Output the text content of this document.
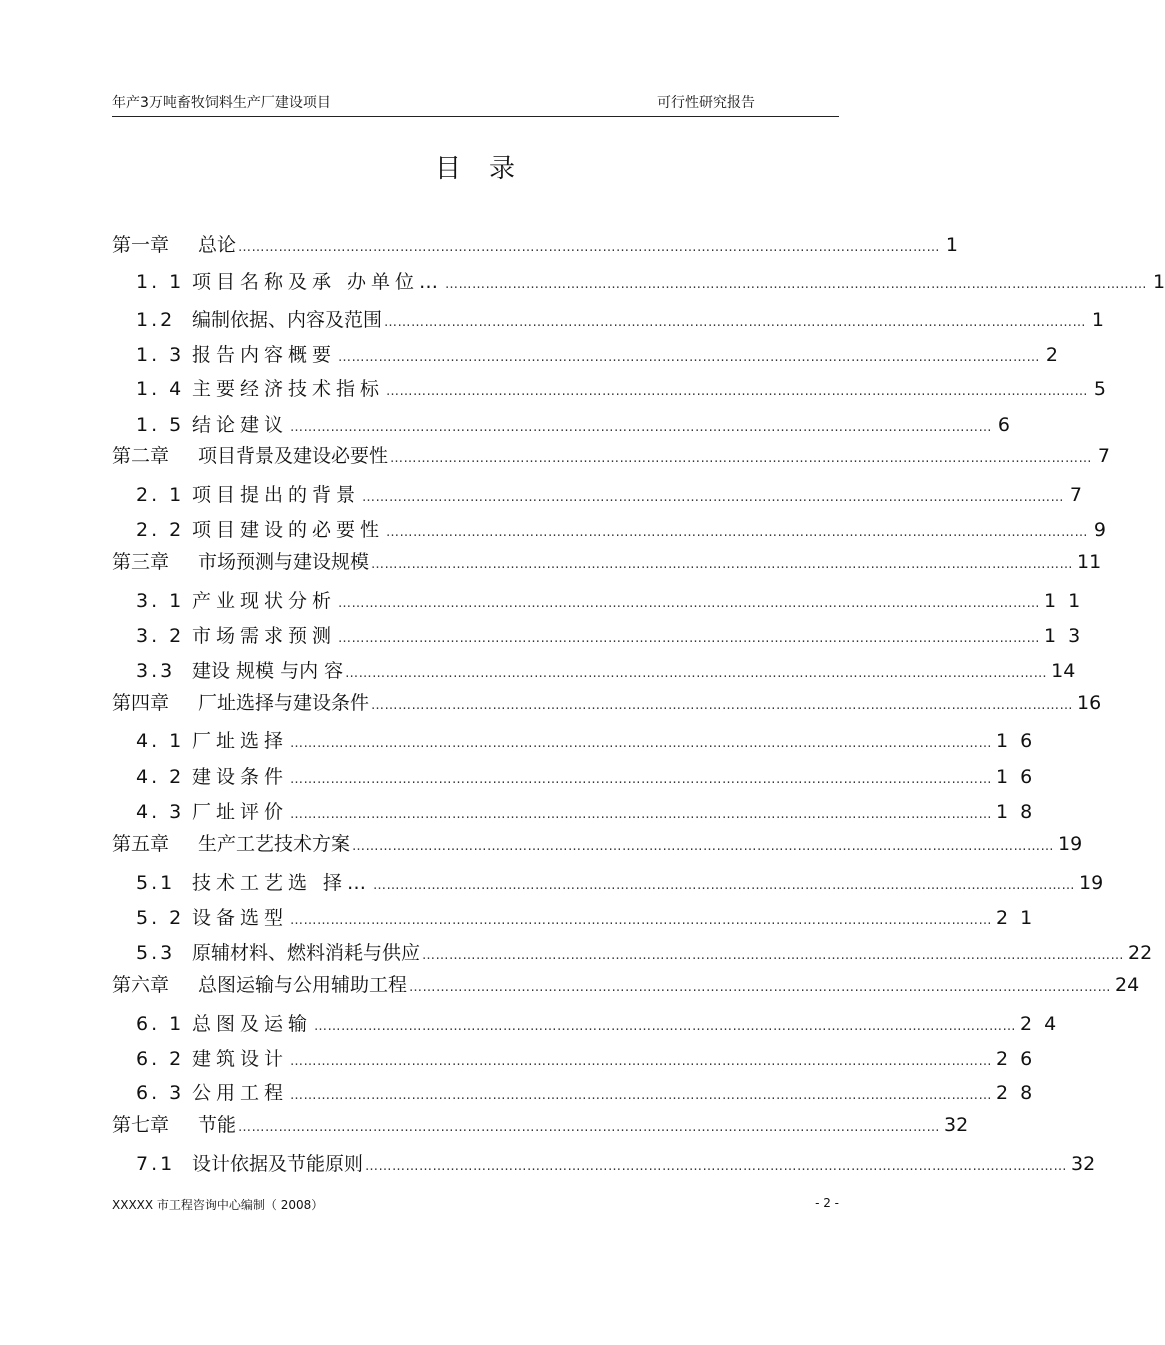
年产3万吨畜牧饲料生产厂建设项目	可行性研究报告
目录
第一章	总论 ………………………………………………………………………………………………………………………………………… 1
1. 1 项目名称及承 办单位… ………………………………………………………………………………………………………………………………………… 1
1.2 编制依据、内容及范围 ………………………………………………………………………………………………………………………………………… 1
1. 3 报告内容概要 ………………………………………………………………………………………………………………………………………… 2
1. 4 主要经济技术指标 ………………………………………………………………………………………………………………………………………… 5
1. 5 结论建议 ………………………………………………………………………………………………………………………………………… 6
第二章	项目背景及建设必要性 ………………………………………………………………………………………………………………………………………… 7
2. 1 项目提出的背景 ………………………………………………………………………………………………………………………………………… 7
2. 2 项目建设的必要性 ………………………………………………………………………………………………………………………………………… 9
第三章	市场预测与建设规模 ………………………………………………………………………………………………………………………………………… 11
3. 1 产业现状分析 ………………………………………………………………………………………………………………………………………… 1 1
3. 2 市场需求预测 ………………………………………………………………………………………………………………………………………… 1 3
3.3 建设 规模 与内 容 ………………………………………………………………………………………………………………………………………… 14
第四章	厂址选择与建设条件 ………………………………………………………………………………………………………………………………………… 16
4. 1 厂址选择 ………………………………………………………………………………………………………………………………………… 1 6
4. 2 建设条件 ………………………………………………………………………………………………………………………………………… 1 6
4. 3 厂址评价 ………………………………………………………………………………………………………………………………………… 1 8
第五章	生产工艺技术方案 ………………………………………………………………………………………………………………………………………… 19
5.1 技术工艺选 择… ………………………………………………………………………………………………………………………………………… 19
5. 2 设备选型 ………………………………………………………………………………………………………………………………………… 2 1
5.3 原辅材料、燃料消耗与供应 ………………………………………………………………………………………………………………………………………… 22
第六章	总图运输与公用辅助工程 ………………………………………………………………………………………………………………………………………… 24
6. 1 总图及运输 ………………………………………………………………………………………………………………………………………… 2 4
6. 2 建筑设计 ………………………………………………………………………………………………………………………………………… 2 6
6. 3 公用工程 ………………………………………………………………………………………………………………………………………… 2 8
第七章	节能 ………………………………………………………………………………………………………………………………………… 32
7.1 设计依据及节能原则 ………………………………………………………………………………………………………………………………………… 32
XXXXX 市工程咨询中心编制（ 2008）	- 2 -
